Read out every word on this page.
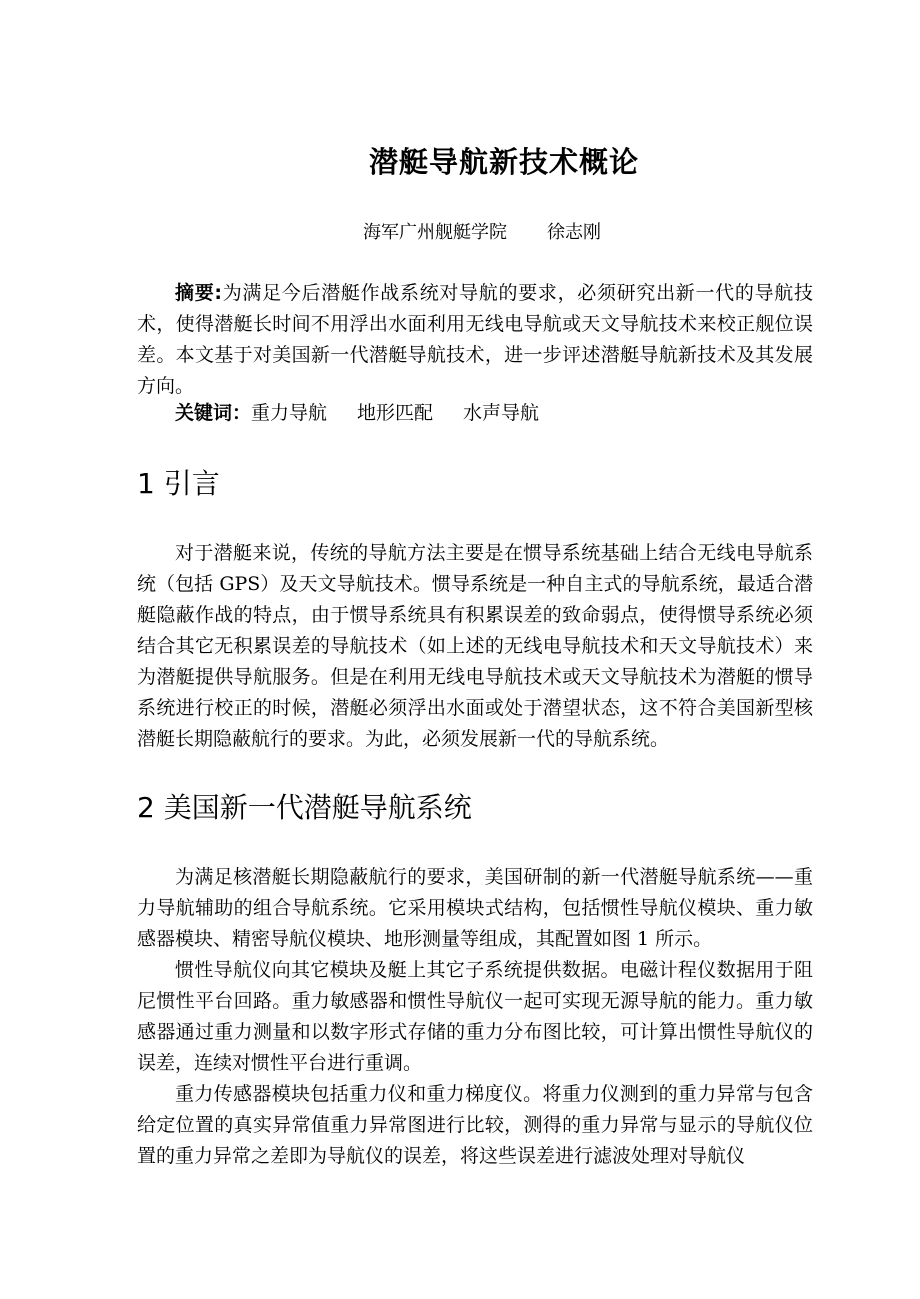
潜艇导航新技术概论
海军广州舰艇学院 徐志刚

摘要:为满足今后潜艇作战系统对导航的要求，必须研究出新一代的导航技术，使得潜艇长时间不用浮出水面利用无线电导航或天文导航技术来校正舰位误差。本文基于对美国新一代潜艇导航技术，进一步评述潜艇导航新技术及其发展方向。

关键词：重力导航 地形匹配 水声导航
1 引言

对于潜艇来说，传统的导航方法主要是在惯导系统基础上结合无线电导航系统（包括 GPS）及天文导航技术。惯导系统是一种自主式的导航系统，最适合潜艇隐蔽作战的特点，由于惯导系统具有积累误差的致命弱点，使得惯导系统必须结合其它无积累误差的导航技术（如上述的无线电导航技术和天文导航技术）来为潜艇提供导航服务。但是在利用无线电导航技术或天文导航技术为潜艇的惯导系统进行校正的时候，潜艇必须浮出水面或处于潜望状态，这不符合美国新型核潜艇长期隐蔽航行的要求。为此，必须发展新一代的导航系统。

2 美国新一代潜艇导航系统

为满足核潜艇长期隐蔽航行的要求，美国研制的新一代潜艇导航系统——重力导航辅助的组合导航系统。它采用模块式结构，包括惯性导航仪模块、重力敏感器模块、精密导航仪模块、地形测量等组成，其配置如图 1 所示。

惯性导航仪向其它模块及艇上其它子系统提供数据。电磁计程仪数据用于阻尼惯性平台回路。重力敏感器和惯性导航仪一起可实现无源导航的能力。重力敏感器通过重力测量和以数字形式存储的重力分布图比较，可计算出惯性导航仪的误差，连续对惯性平台进行重调。

重力传感器模块包括重力仪和重力梯度仪。将重力仪测到的重力异常与包含给定位置的真实异常值重力异常图进行比较，测得的重力异常与显示的导航仪位置的重力异常之差即为导航仪的误差，将这些误差进行滤波处理对导航仪
